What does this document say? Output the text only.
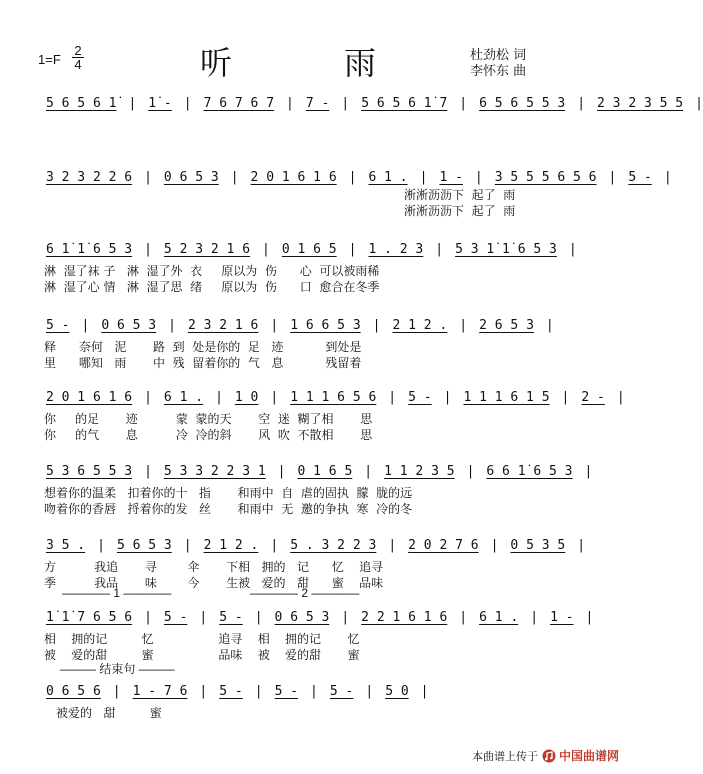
1=F
2
4	听　雨	杜劲松 词
李怀东 曲
5 6 5 6 1̇ | 1̇ - | 7 6 7 6 7 | 7 - | 5 6 5 6 1̇ 7 | 6 5 6 5 5 3 | 2 3 2 3 5 5 |
3 2 3 2 2 6 | 0 6 5 3 | 2 0 1 6 1 6 | 6 1 . | 1 - | 3 5 5 5 6 5 6 | 5 - |
淅淅沥沥下  起了  雨
淅淅沥沥下  起了  雨
6 1̇ 1̇ 6 5 3 | 5 2 3 2 1 6 | 0 1 6 5 | 1 . 2 3 | 5 3 1̇ 1̇ 6 5 3 |
淋  湿了袜 子   淋  湿了外  衣     原以为  伤      心  可以被雨稀
淋  湿了心 情   淋  湿了思  绪     原以为  伤      口  愈合在冬季
5 - | 0 6 5 3 | 2 3 2 1 6 | 1 6 6 5 3 | 2 1 2 . | 2 6 5 3 |
释      奈何   泥       路  到  处是你的  足   迹           到处是
里      哪知   雨       中  残  留着你的  气   息           残留着
2 0 1 6 1 6 | 6 1 . | 1 0 | 1 1 1 6 5 6 | 5 - | 1 1 1 6 1 5 | 2 - |
你     的足       迹          蒙  蒙的天       空  迷  糊了相       思
你     的气       息          冷  冷的斜       风  吹  不散相       思
5 3 6 5 5 3 | 5 3 3 2 2 3 1 | 0 1 6 5 | 1 1 2 3 5 | 6 6 1̇ 6 5 3 |
想着你的温柔   扣着你的十   指       和雨中  自  虐的固执  朦  胧的远
吻着你的香唇   捋着你的发   丝       和雨中  无  邀的争执  寒  冷的冬
3 5 . | 5 6 5 3 | 2 1 2 . | 5 . 3 2 2 3 | 2 0 2 7 6 | 0 5 3 5 |
方          我追       寻        伞       下相   拥的   记      忆    追寻
季          我品       味        今       生被   爱的   甜      蜜    品味
———— 1 ————	———— 2 ————
1̇ 1̇ 7 6 5 6 | 5 - | 5 - | 0 6 5 3 | 2 2 1 6 1 6 | 6 1 . | 1 - |
相    拥的记         忆                 追寻    相    拥的记       忆
被    爱的甜         蜜                 品味    被    爱的甜       蜜
——— 结束句 ———
0 6 5 6 | 1 - 7 6 | 5 - | 5 - | 5 - | 5 0 |
被爱的   甜         蜜
本曲谱上传于 中国曲谱网
